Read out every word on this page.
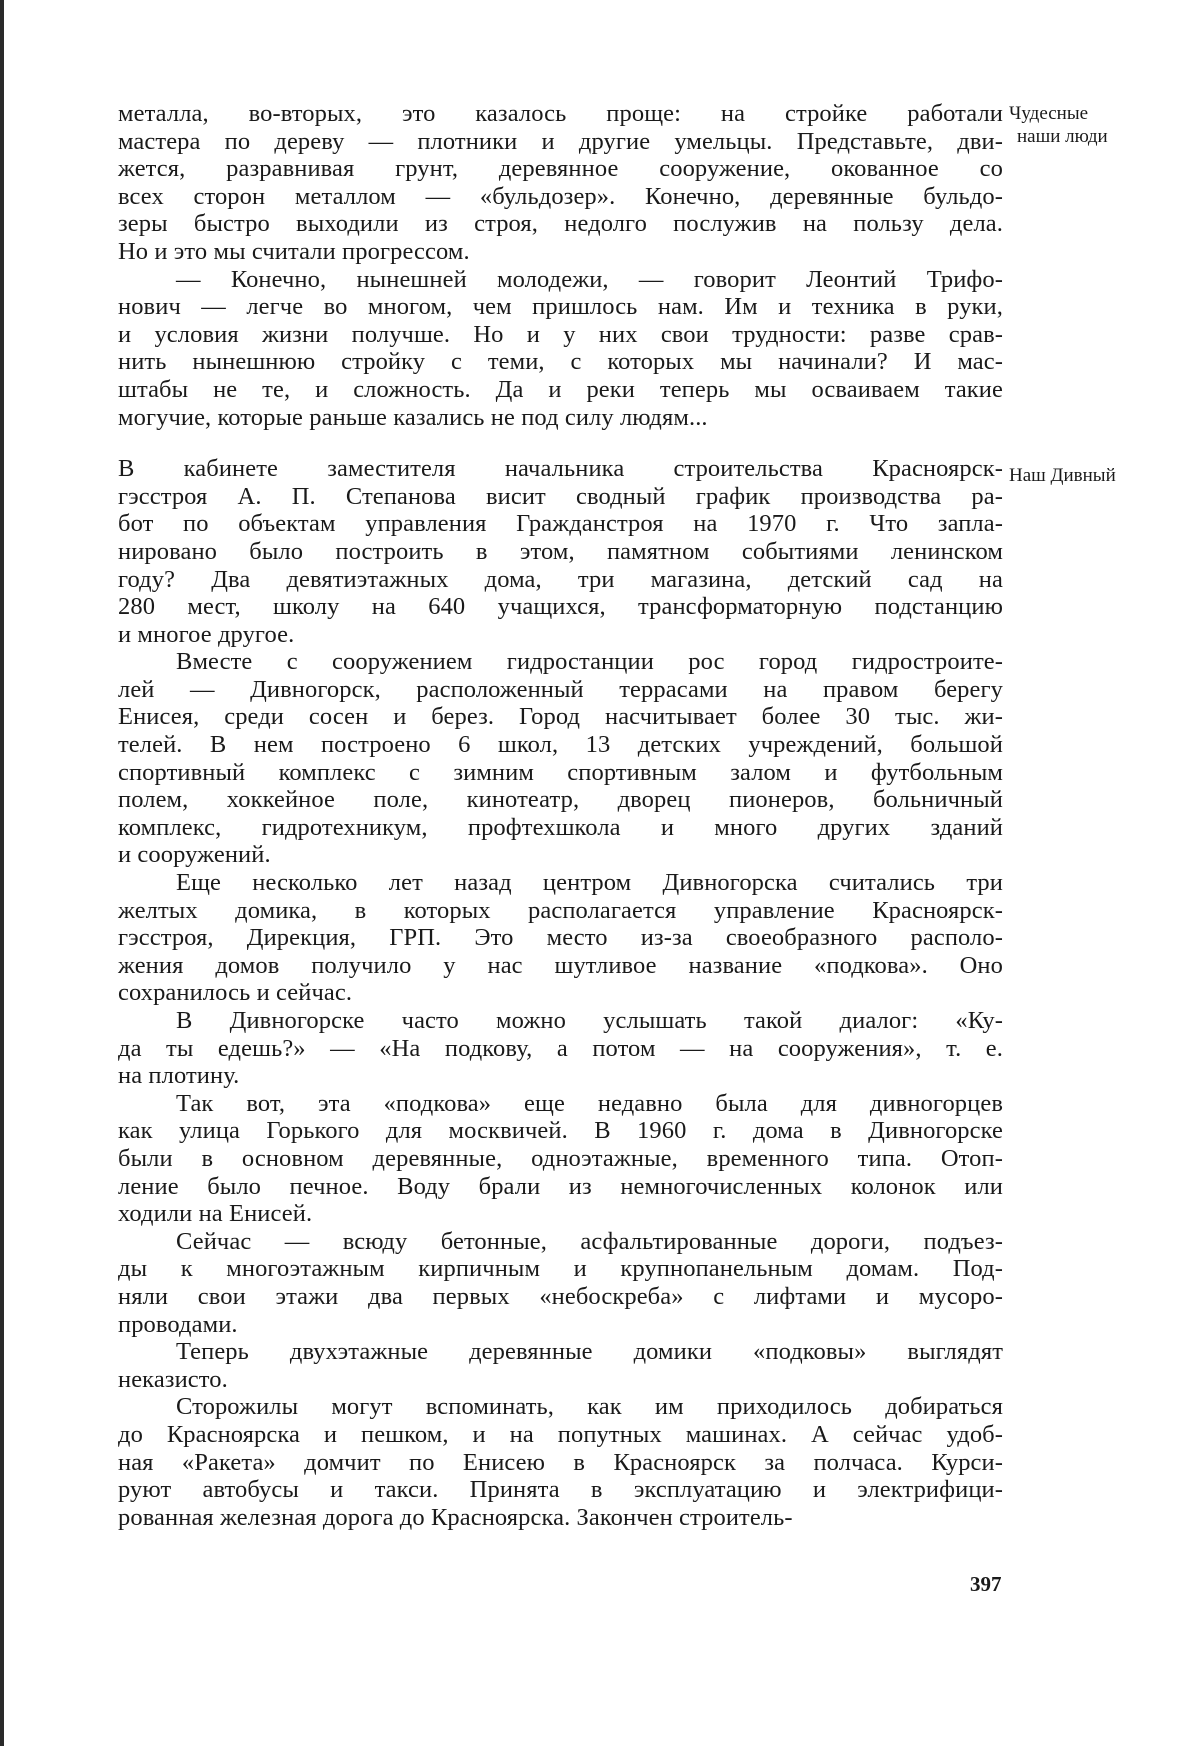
Чудесные
наши люди
Наш Дивный
металла, во-вторых, это казалось проще: на стройке работали
мастера по дереву — плотники и другие умельцы. Представьте, дви-
жется, разравнивая грунт, деревянное сооружение, окованное со
всех сторон металлом — «бульдозер». Конечно, деревянные бульдо-
зеры быстро выходили из строя, недолго послужив на пользу дела.
Но и это мы считали прогрессом.
— Конечно, нынешней молодежи, — говорит Леонтий Трифо-
нович — легче во многом, чем пришлось нам. Им и техника в руки,
и условия жизни получше. Но и у них свои трудности: разве срав-
нить нынешнюю стройку с теми, с которых мы начинали? И мас-
штабы не те, и сложность. Да и реки теперь мы осваиваем такие
могучие, которые раньше казались не под силу людям...
В кабинете заместителя начальника строительства Красноярск-
гэсстроя А. П. Степанова висит сводный график производства ра-
бот по объектам управления Гражданстроя на 1970 г. Что запла-
нировано было построить в этом, памятном событиями ленинском
году? Два девятиэтажных дома, три магазина, детский сад на
280 мест, школу на 640 учащихся, трансформаторную подстанцию
и многое другое.
Вместе с сооружением гидростанции рос город гидростроите-
лей — Дивногорск, расположенный террасами на правом берегу
Енисея, среди сосен и берез. Город насчитывает более 30 тыс. жи-
телей. В нем построено 6 школ, 13 детских учреждений, большой
спортивный комплекс с зимним спортивным залом и футбольным
полем, хоккейное поле, кинотеатр, дворец пионеров, больничный
комплекс, гидротехникум, профтехшкола и много других зданий
и сооружений.
Еще несколько лет назад центром Дивногорска считались три
желтых домика, в которых располагается управление Красноярск-
гэсстроя, Дирекция, ГРП. Это место из-за своеобразного располо-
жения домов получило у нас шутливое название «подкова». Оно
сохранилось и сейчас.
В Дивногорске часто можно услышать такой диалог: «Ку-
да ты едешь?» — «На подкову, а потом — на сооружения», т. е.
на плотину.
Так вот, эта «подкова» еще недавно была для дивногорцев
как улица Горького для москвичей. В 1960 г. дома в Дивногорске
были в основном деревянные, одноэтажные, временного типа. Отоп-
ление было печное. Воду брали из немногочисленных колонок или
ходили на Енисей.
Сейчас — всюду бетонные, асфальтированные дороги, подъез-
ды к многоэтажным кирпичным и крупнопанельным домам. Под-
няли свои этажи два первых «небоскреба» с лифтами и мусоро-
проводами.
Теперь двухэтажные деревянные домики «подковы» выглядят
неказисто.
Сторожилы могут вспоминать, как им приходилось добираться
до Красноярска и пешком, и на попутных машинах. А сейчас удоб-
ная «Ракета» домчит по Енисею в Красноярск за полчаса. Курси-
руют автобусы и такси. Принята в эксплуатацию и электрифици-
рованная железная дорога до Красноярска. Закончен строитель-
397
